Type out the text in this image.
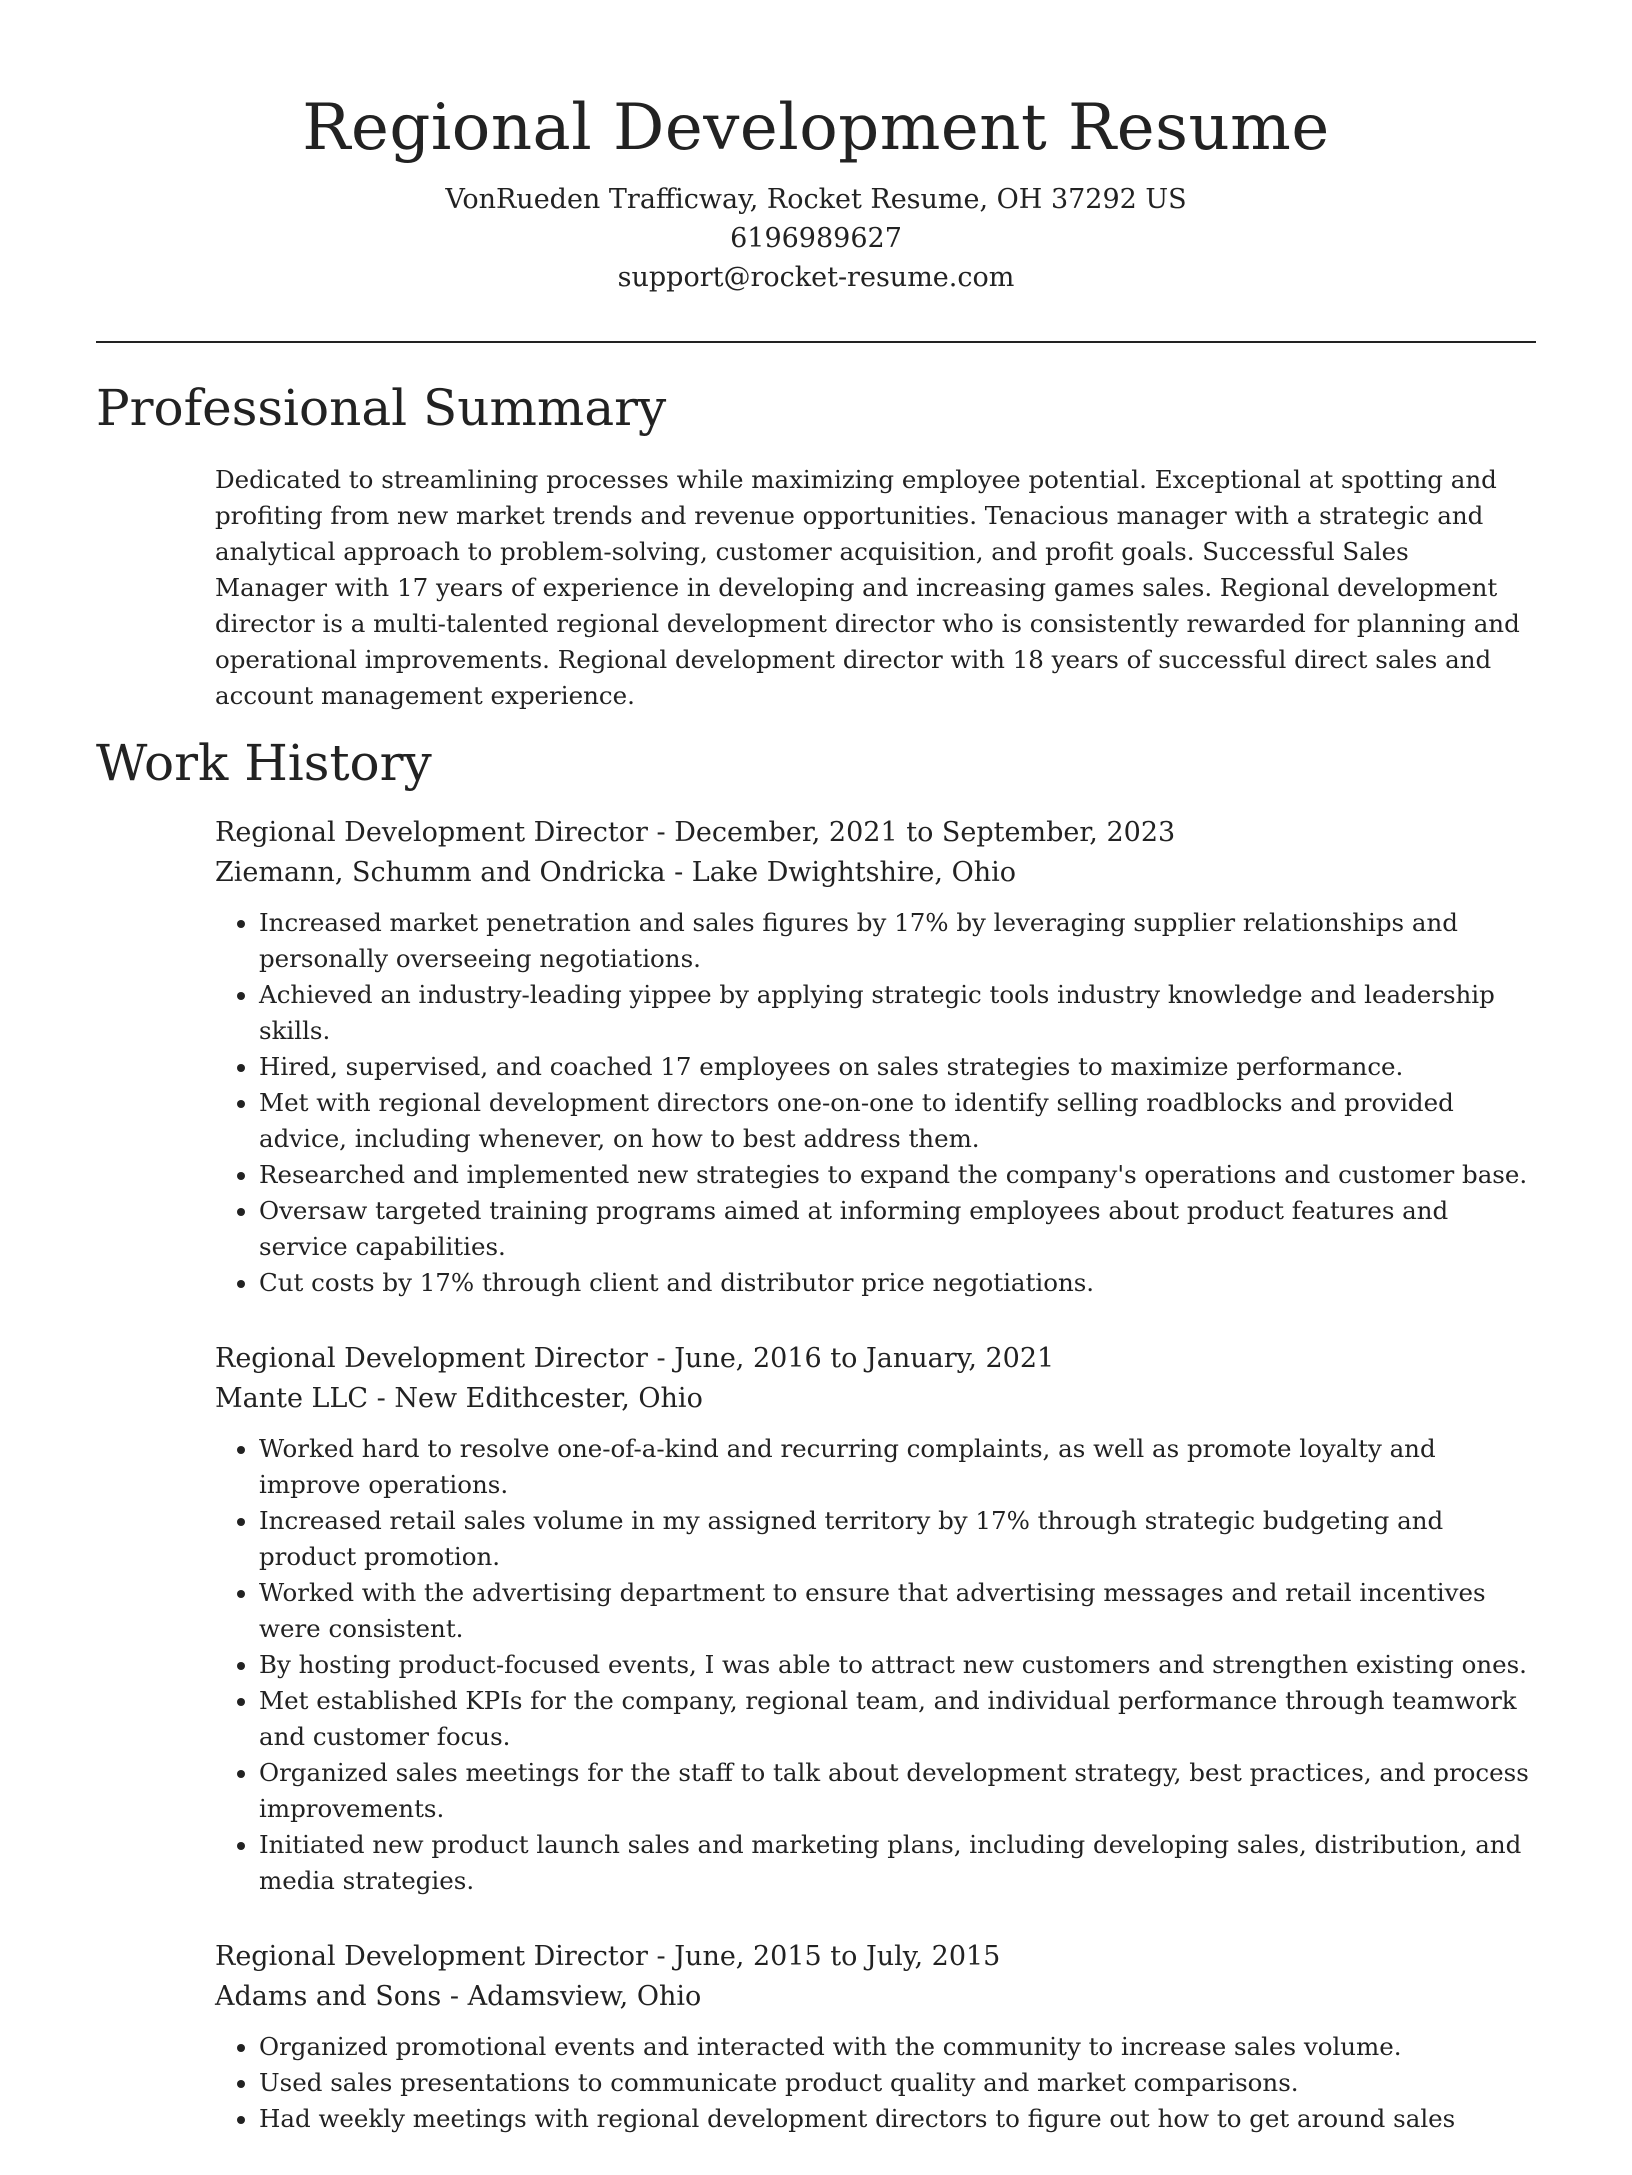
Regional Development Resume
VonRueden Trafficway, Rocket Resume, OH 37292 US
6196989627
support@rocket-resume.com
Professional Summary

Dedicated to streamlining processes while maximizing employee potential. Exceptional at spotting and profiting from new market trends and revenue opportunities. Tenacious manager with a strategic and analytical approach to problem-solving, customer acquisition, and profit goals. Successful Sales Manager with 17 years of experience in developing and increasing games sales. Regional development director is a multi-talented regional development director who is consistently rewarded for planning and operational improvements. Regional development director with 18 years of successful direct sales and account management experience.

Work History

Regional Development Director - December, 2021 to September, 2023

Ziemann, Schumm and Ondricka - Lake Dwightshire, Ohio

• Increased market penetration and sales figures by 17% by leveraging supplier relationships and personally overseeing negotiations.
• Achieved an industry-leading yippee by applying strategic tools industry knowledge and leadership skills.
• Hired, supervised, and coached 17 employees on sales strategies to maximize performance.
• Met with regional development directors one-on-one to identify selling roadblocks and provided advice, including whenever, on how to best address them.
• Researched and implemented new strategies to expand the company's operations and customer base.
• Oversaw targeted training programs aimed at informing employees about product features and service capabilities.
• Cut costs by 17% through client and distributor price negotiations.

Regional Development Director - June, 2016 to January, 2021

Mante LLC - New Edithcester, Ohio

• Worked hard to resolve one-of-a-kind and recurring complaints, as well as promote loyalty and improve operations.
• Increased retail sales volume in my assigned territory by 17% through strategic budgeting and product promotion.
• Worked with the advertising department to ensure that advertising messages and retail incentives were consistent.
• By hosting product-focused events, I was able to attract new customers and strengthen existing ones.
• Met established KPIs for the company, regional team, and individual performance through teamwork and customer focus.
• Organized sales meetings for the staff to talk about development strategy, best practices, and process improvements.
• Initiated new product launch sales and marketing plans, including developing sales, distribution, and media strategies.

Regional Development Director - June, 2015 to July, 2015

Adams and Sons - Adamsview, Ohio

• Organized promotional events and interacted with the community to increase sales volume.
• Used sales presentations to communicate product quality and market comparisons.
• Had weekly meetings with regional development directors to figure out how to get around sales
